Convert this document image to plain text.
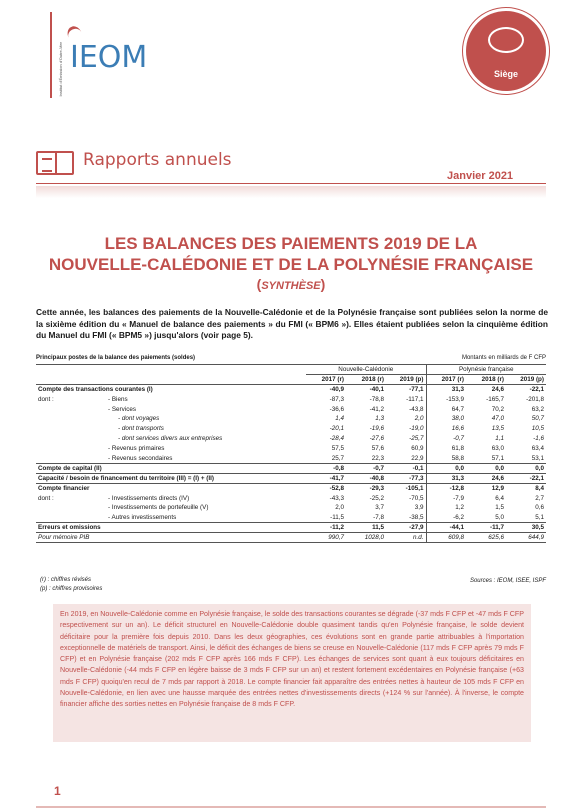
Institut d'Émission d'Outre-Mer IEOM	Siège
Rapports annuels
Janvier 2021
LES BALANCES DES PAIEMENTS 2019 DE LA
NOUVELLE-CALÉDONIE ET DE LA POLYNÉSIE FRANÇAISE
(SYNTHÈSE)
Cette année, les balances des paiements de la Nouvelle-Calédonie et de la Polynésie française sont publiées selon la norme de la sixième édition du « Manuel de balance des paiements » du FMI (« BPM6 »). Elles étaient publiées selon la cinquième édition du Manuel du FMI (« BPM5 ») jusqu'alors (voir page 5).
Principaux postes de la balance des paiements (soldes)	Montants en milliards de F CFP
		Nouvelle-Calédonie	Polynésie française
		2017 (r)	2018 (r)	2019 (p)	2017 (r)	2018 (r)	2019 (p)
	Compte des transactions courantes (I)	-40,9	-40,1	-77,1	31,3	24,6	-22,1
dont :	- Biens	-87,3	-78,8	-117,1	-153,9	-165,7	-201,8
	- Services	-36,6	-41,2	-43,8	64,7	70,2	63,2
	- dont voyages	1,4	1,3	2,0	38,0	47,0	50,7
	- dont transports	-20,1	-19,6	-19,0	16,6	13,5	10,5
	- dont services divers aux entreprises	-28,4	-27,6	-25,7	-0,7	1,1	-1,6
	- Revenus primaires	57,5	57,6	60,9	61,8	63,0	63,4
	- Revenus secondaires	25,7	22,3	22,9	58,8	57,1	53,1
	Compte de capital (II)	-0,8	-0,7	-0,1	0,0	0,0	0,0
	Capacité / besoin de financement du territoire (III) = (I) + (II)	-41,7	-40,8	-77,3	31,3	24,6	-22,1
	Compte financier	-52,8	-29,3	-105,1	-12,8	12,9	8,4
dont :	- Investissements directs (IV)	-43,3	-25,2	-70,5	-7,9	6,4	2,7
	- Investissements de portefeuille (V)	2,0	3,7	3,9	1,2	1,5	0,6
	- Autres investissements	-11,5	-7,8	-38,5	-6,2	5,0	5,1
	Erreurs et omissions	-11,2	11,5	-27,9	-44,1	-11,7	30,5
	Pour mémoire PIB	990,7	1028,0	n.d.	609,8	625,6	644,9
(r) : chiffres révisés
(p) : chiffres provisoires
Sources : IEOM, ISEE, ISPF
En 2019, en Nouvelle-Calédonie comme en Polynésie française, le solde des transactions courantes se dégrade (-37 mds F CFP et -47 mds F CFP respectivement sur un an). Le déficit structurel en Nouvelle-Calédonie double quasiment tandis qu'en Polynésie française, le solde devient déficitaire pour la première fois depuis 2010. Dans les deux géographies, ces évolutions sont en grande partie attribuables à l'importation exceptionnelle de matériels de transport. Ainsi, le déficit des échanges de biens se creuse en Nouvelle-Calédonie (117 mds F CFP après 79 mds F CFP) et en Polynésie française (202 mds F CFP après 166 mds F CFP). Les échanges de services sont quant à eux toujours déficitaires en Nouvelle-Calédonie (-44 mds F CFP en légère baisse de 3 mds F CFP sur un an) et restent fortement excédentaires en Polynésie française (+63 mds F CFP) quoiqu'en recul de 7 mds par rapport à 2018. Le compte financier fait apparaître des entrées nettes à hauteur de 105 mds F CFP en Nouvelle-Calédonie, en lien avec une hausse marquée des entrées nettes d'investissements directs (+124 % sur l'année). À l'inverse, le compte financier affiche des sorties nettes en Polynésie française de 8 mds F CFP.
1
